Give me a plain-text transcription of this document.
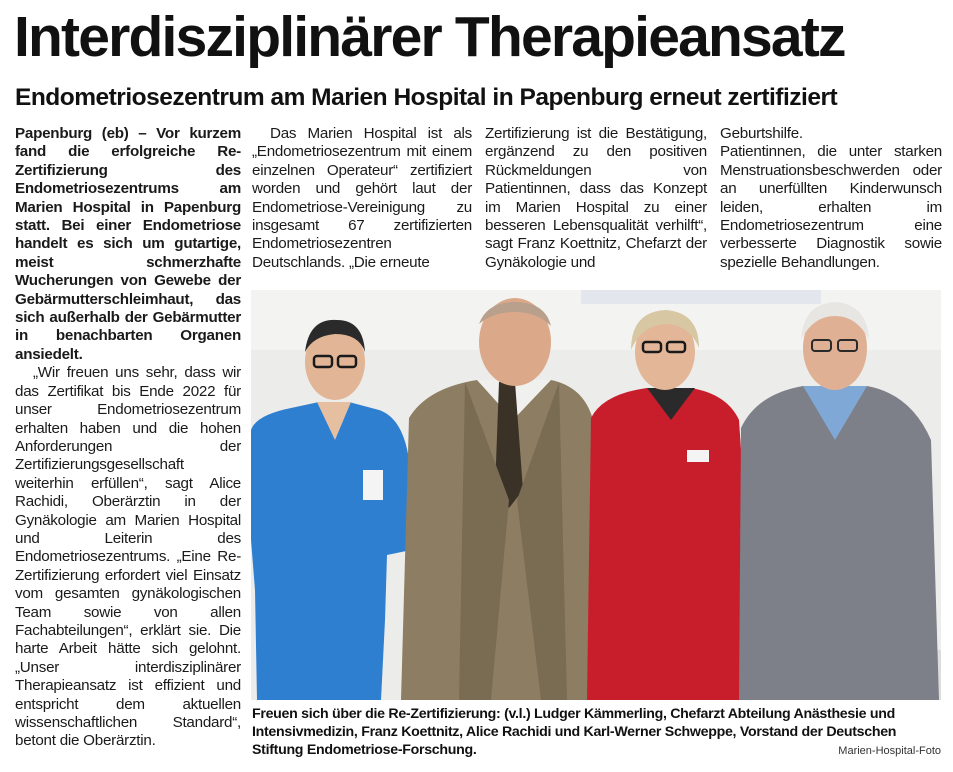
Interdisziplinärer Therapieansatz
Endometriosezentrum am Marien Hospital in Papenburg erneut zertifiziert

Papenburg (eb) – Vor kurzem fand die erfolgreiche Re-Zertifizierung des Endometriosezentrums am Marien Hospital in Papenburg statt. Bei einer Endometriose handelt es sich um gutartige, meist schmerzhafte Wucherungen von Gewebe der Gebärmutterschleimhaut, das sich außerhalb der Gebärmutter in benachbarten Organen ansiedelt.

„Wir freuen uns sehr, dass wir das Zertifikat bis Ende 2022 für unser Endometriosezentrum erhalten haben und die hohen Anforderungen der Zertifizierungsgesellschaft weiterhin erfüllen“, sagt Alice Rachidi, Oberärztin in der Gynäkologie am Marien Hospital und Leiterin des Endometriosezentrums. „Eine Re-Zertifizierung erfordert viel Einsatz vom gesamten gynäkologischen Team sowie von allen Fachabteilungen“, erklärt sie. Die harte Arbeit hätte sich gelohnt. „Unser interdisziplinärer Therapieansatz ist effizient und entspricht dem aktuellen wissenschaftlichen Standard“, betont die Oberärztin.

Das Marien Hospital ist als „Endometriosezentrum mit einem einzelnen Operateur“ zertifiziert worden und gehört laut der Endometriose-Vereinigung zu insgesamt 67 zertifizierten Endometriosezentren Deutschlands. „Die erneute

Zertifizierung ist die Bestätigung, ergänzend zu den positiven Rückmeldungen von Patientinnen, dass das Konzept im Marien Hospital zu einer besseren Lebensqualität verhilft“, sagt Franz Koettnitz, Chefarzt der Gynäkologie und

Geburtshilfe.

Patientinnen, die unter starken Menstruationsbeschwerden oder an unerfüllten Kinderwunsch leiden, erhalten im Endometriosezentrum eine verbesserte Diagnostik sowie spezielle Behandlungen.

Freuen sich über die Re-Zertifizierung: (v.l.) Ludger Kämmerling, Chefarzt Abteilung Anästhesie und Intensivmedizin, Franz Koettnitz, Alice Rachidi und Karl-Werner Schweppe, Vorstand der Deutschen Stiftung Endometriose-Forschung.	Marien-Hospital-Foto
